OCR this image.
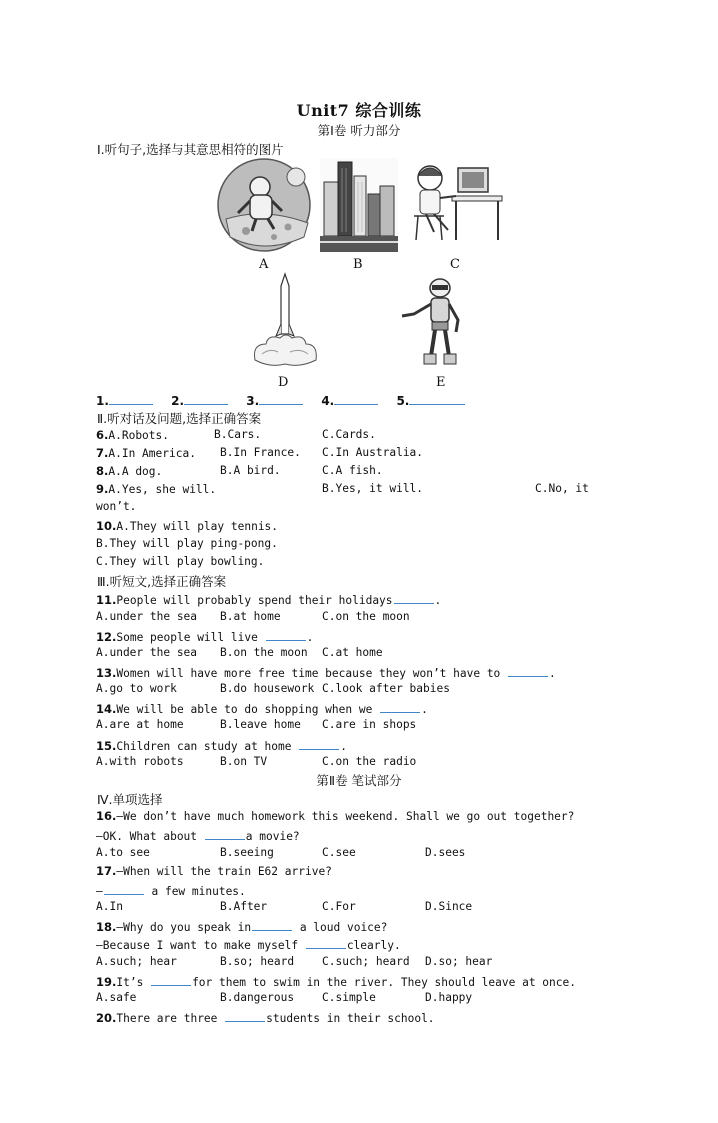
Unit7 综合训练
第Ⅰ卷 听力部分
Ⅰ.听句子,选择与其意思相符的图片
A	B	C
D	E
1.	2.	3.	4.	5.
Ⅱ.听对话及问题,选择正确答案
6.A.Robots.	B.Cars.	C.Cards.
7.A.In America. B.In France. C.In Australia.
8.A.A dog.	B.A bird.	C.A fish.
9.A.Yes, she will.	B.Yes, it will.	C.No, it
won’t.
10.A.They will play tennis.
B.They will play ping-pong.
C.They will play bowling.
Ⅲ.听短文,选择正确答案
11.People will probably spend their holidays	.
A.under the sea B.at home	C.on the moon
12.Some people will live	.
A.under the sea B.on the moon C.at home
13.Women will have more free time because they won’t have to	.
A.go to work	B.do housework C.look after babies
14.We will be able to do shopping when we	.
A.are at home	B.leave home C.are in shops
15.Children can study at home	.
A.with robots	B.on TV	C.on the radio
第Ⅱ卷 笔试部分
Ⅳ.单项选择
16.—We don’t have much homework this weekend. Shall we go out together?
—OK. What about	a movie?
A.to see	B.seeing	C.see	D.sees
17.—When will the train E62 arrive?
—	a few minutes.
A.In	B.After	C.For	D.Since
18.—Why do you speak in	a loud voice?
—Because I want to make myself	clearly.
A.such; hear	B.so; heard C.such; heard D.so; hear
19.It’s	for them to swim in the river. They should leave at once.
A.safe	B.dangerous C.simple	D.happy
20.There are three	students in their school.
